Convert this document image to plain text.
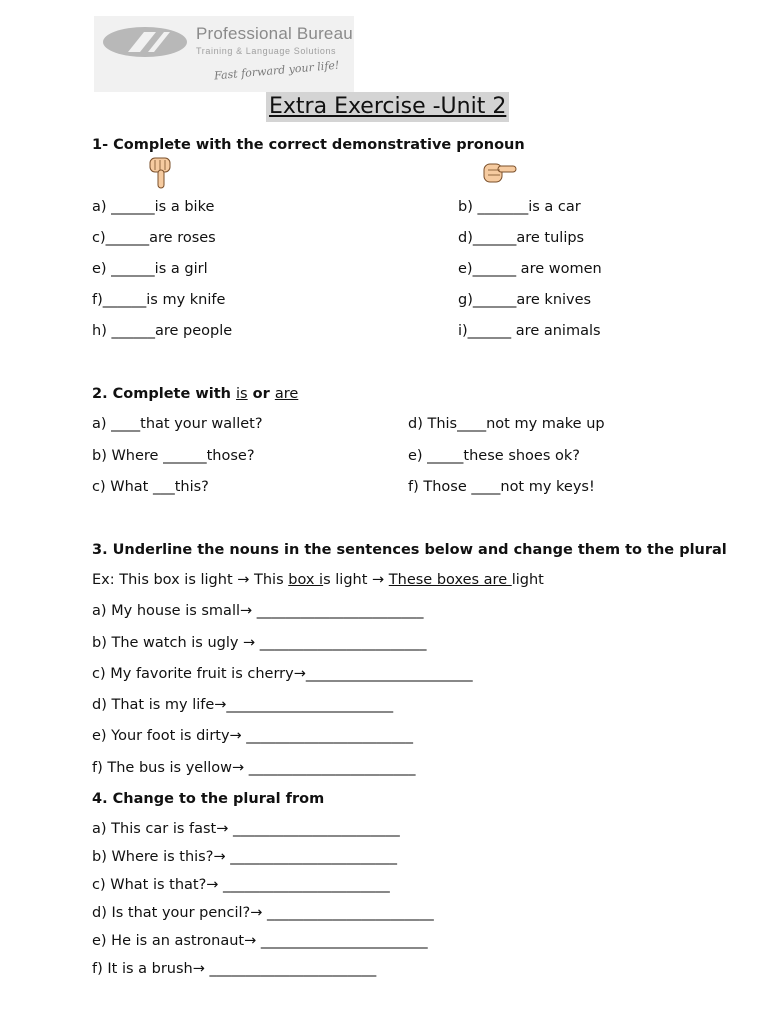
Professional Bureau
Training & Language Solutions
Fast forward your life!
Extra Exercise -Unit 2
1- Complete with the correct demonstrative pronoun
a) ______is a bike
c)______are roses
e) ______is a girl
f)______is my knife
h) ______are people
b) _______is a car
d)______are tulips
e)______ are women
g)______are knives
i)______ are animals
2. Complete with is or are
a) ____that your wallet?
b) Where ______those?
c) What ___this?
d) This____not my make up
e) _____these shoes ok?
f) Those ____not my keys!
3. Underline the nouns in the sentences below and change them to the plural
Ex: This box is light → This box is light → These boxes are light
a) My house is small→ _______________________
b) The watch is ugly → _______________________
c) My favorite fruit is cherry→_______________________
d) That is my life→_______________________
e) Your foot is dirty→ _______________________
f) The bus is yellow→ _______________________
4. Change to the plural from
a) This car is fast→ _______________________
b) Where is this?→ _______________________
c) What is that?→ _______________________
d) Is that your pencil?→ _______________________
e) He is an astronaut→ _______________________
f) It is a brush→ _______________________
